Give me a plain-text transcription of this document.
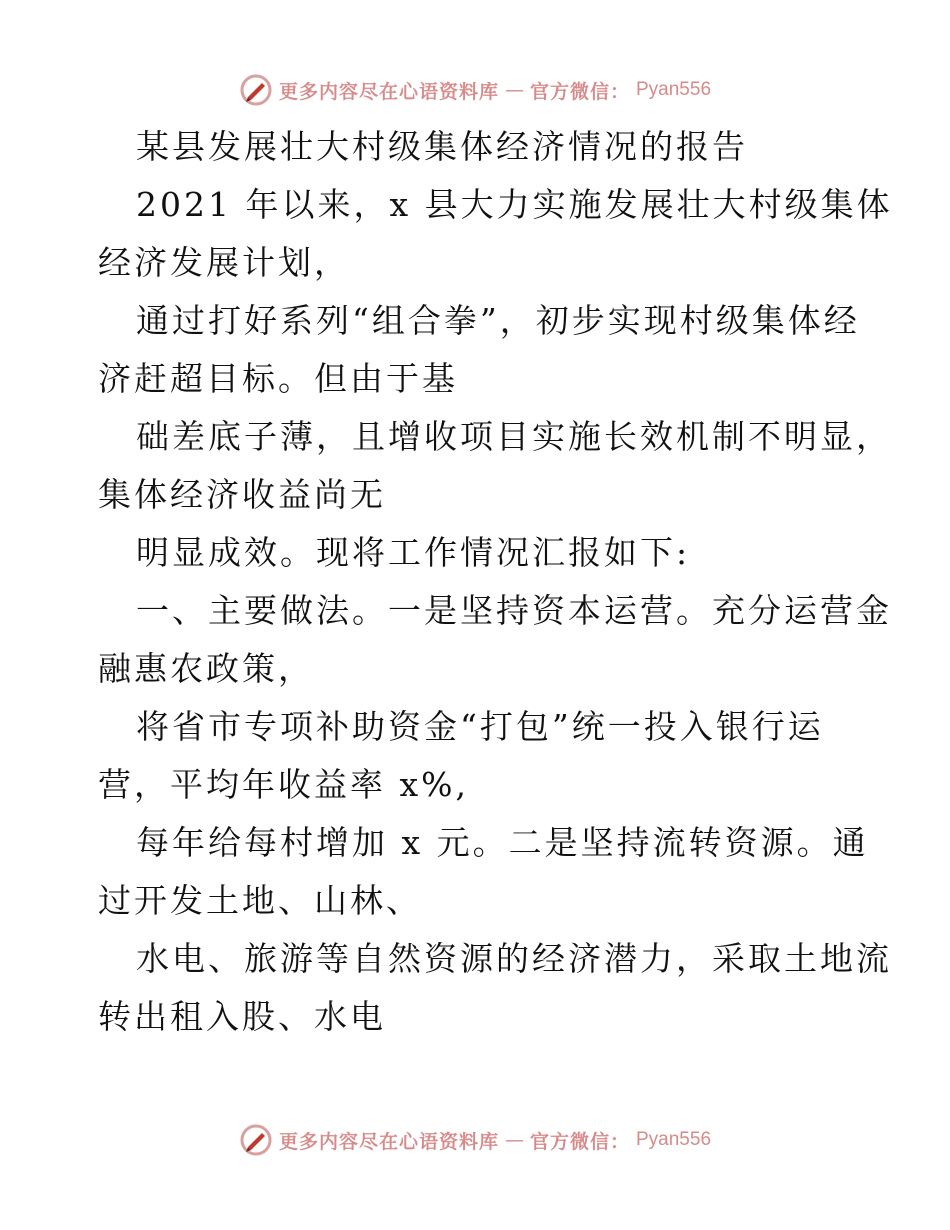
更多内容尽在心语资料库 — 官方微信： Pyan556
某县发展壮大村级集体经济情况的报告
2021 年以来，x 县大力实施发展壮大村级集体
经济发展计划，
通过打好系列“组合拳”，初步实现村级集体经
济赶超目标。但由于基
础差底子薄，且增收项目实施长效机制不明显，
集体经济收益尚无
明显成效。现将工作情况汇报如下:
一、主要做法。一是坚持资本运营。充分运营金
融惠农政策，
将省市专项补助资金“打包”统一投入银行运
营，平均年收益率 x%,
每年给每村增加 x 元。二是坚持流转资源。通
过开发土地、山林、
水电、旅游等自然资源的经济潜力，采取土地流
转出租入股、水电
更多内容尽在心语资料库 — 官方微信： Pyan556
